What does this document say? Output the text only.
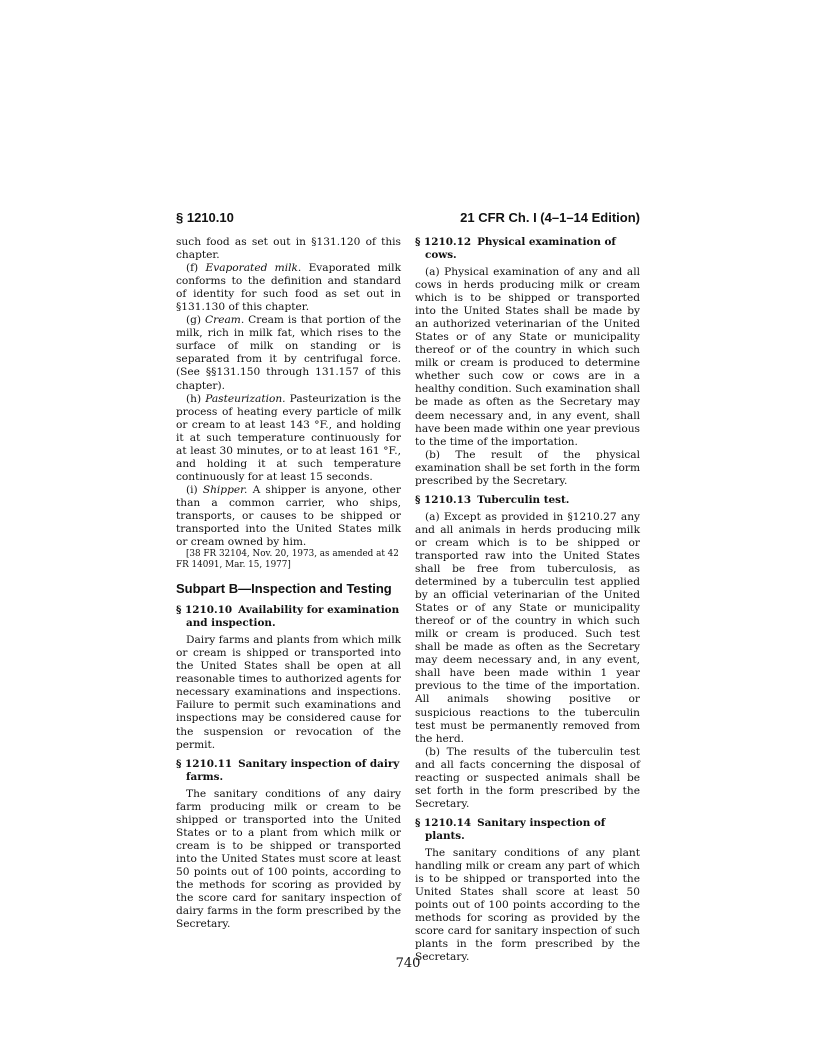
§ 1210.10	21 CFR Ch. I (4–1–14 Edition)

such food as set out in §131.120 of this chapter.

(f) Evaporated milk. Evaporated milk conforms to the definition and standard of identity for such food as set out in §131.130 of this chapter.

(g) Cream. Cream is that portion of the milk, rich in milk fat, which rises to the surface of milk on standing or is separated from it by centrifugal force. (See §§131.150 through 131.157 of this chapter).

(h) Pasteurization. Pasteurization is the process of heating every particle of milk or cream to at least 143 °F., and holding it at such temperature continuously for at least 30 minutes, or to at least 161 °F., and holding it at such temperature continuously for at least 15 seconds.

(i) Shipper. A shipper is anyone, other than a common carrier, who ships, transports, or causes to be shipped or transported into the United States milk or cream owned by him.

[38 FR 32104, Nov. 20, 1973, as amended at 42 FR 14091, Mar. 15, 1977]

Subpart B—Inspection and Testing
§ 1210.10 Availability for examination and inspection.

Dairy farms and plants from which milk or cream is shipped or transported into the United States shall be open at all reasonable times to authorized agents for necessary examinations and inspections. Failure to permit such examinations and inspections may be considered cause for the suspension or revocation of the permit.

§ 1210.11 Sanitary inspection of dairy farms.

The sanitary conditions of any dairy farm producing milk or cream to be shipped or transported into the United States or to a plant from which milk or cream is to be shipped or transported into the United States must score at least 50 points out of 100 points, according to the methods for scoring as provided by the score card for sanitary inspection of dairy farms in the form prescribed by the Secretary.

§ 1210.12 Physical examination of cows.

(a) Physical examination of any and all cows in herds producing milk or cream which is to be shipped or transported into the United States shall be made by an authorized veterinarian of the United States or of any State or municipality thereof or of the country in which such milk or cream is produced to determine whether such cow or cows are in a healthy condition. Such examination shall be made as often as the Secretary may deem necessary and, in any event, shall have been made within one year previous to the time of the importation.

(b) The result of the physical examination shall be set forth in the form prescribed by the Secretary.

§ 1210.13 Tuberculin test.

(a) Except as provided in §1210.27 any and all animals in herds producing milk or cream which is to be shipped or transported raw into the United States shall be free from tuberculosis, as determined by a tuberculin test applied by an official veterinarian of the United States or of any State or municipality thereof or of the country in which such milk or cream is produced. Such test shall be made as often as the Secretary may deem necessary and, in any event, shall have been made within 1 year previous to the time of the importation. All animals showing positive or suspicious reactions to the tuberculin test must be permanently removed from the herd.

(b) The results of the tuberculin test and all facts concerning the disposal of reacting or suspected animals shall be set forth in the form prescribed by the Secretary.

§ 1210.14 Sanitary inspection of plants.

The sanitary conditions of any plant handling milk or cream any part of which is to be shipped or transported into the United States shall score at least 50 points out of 100 points according to the methods for scoring as provided by the score card for sanitary inspection of such plants in the form prescribed by the Secretary.

740
